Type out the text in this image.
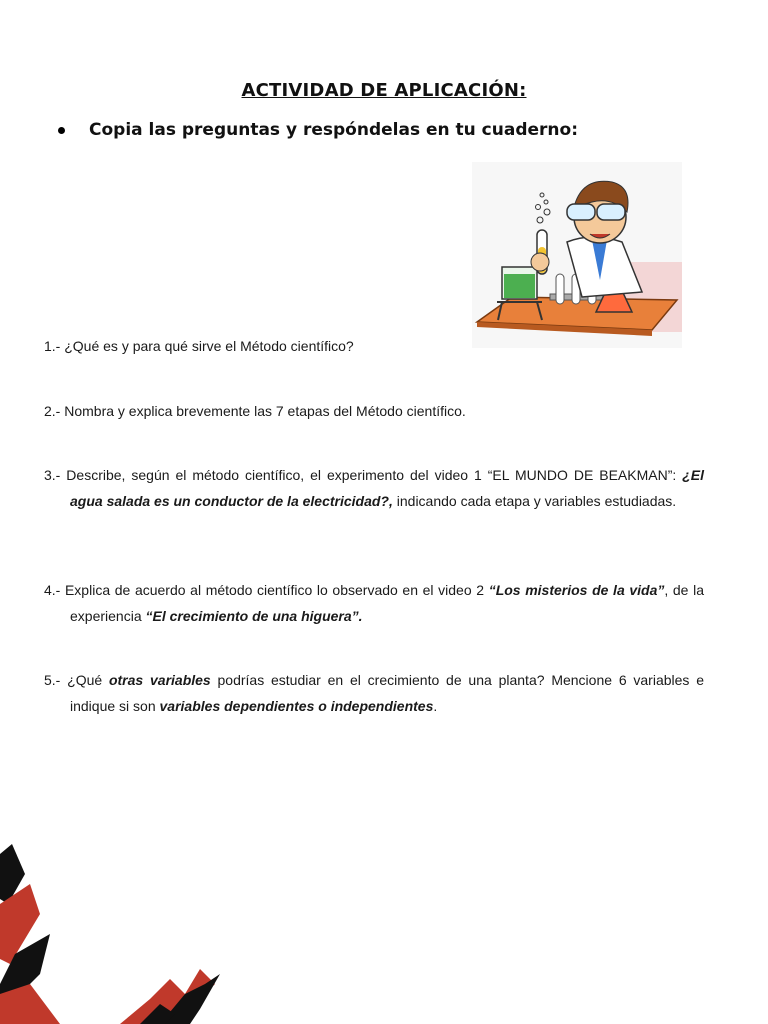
ACTIVIDAD DE APLICACIÓN:
Copia las preguntas y respóndelas en tu cuaderno:
1.- ¿Qué es y para qué sirve el Método científico?
2.- Nombra y explica brevemente las 7 etapas del Método científico.
3.- Describe, según el método científico, el experimento del video 1 “EL MUNDO DE BEAKMAN”: ¿El agua salada es un conductor de la electricidad?, indicando cada etapa y variables estudiadas.
4.- Explica de acuerdo al método científico lo observado en el video 2 “Los misterios de la vida”, de la experiencia “El crecimiento de una higuera”.
5.- ¿Qué otras variables podrías estudiar en el crecimiento de una planta? Mencione 6 variables e indique si son variables dependientes o independientes.
